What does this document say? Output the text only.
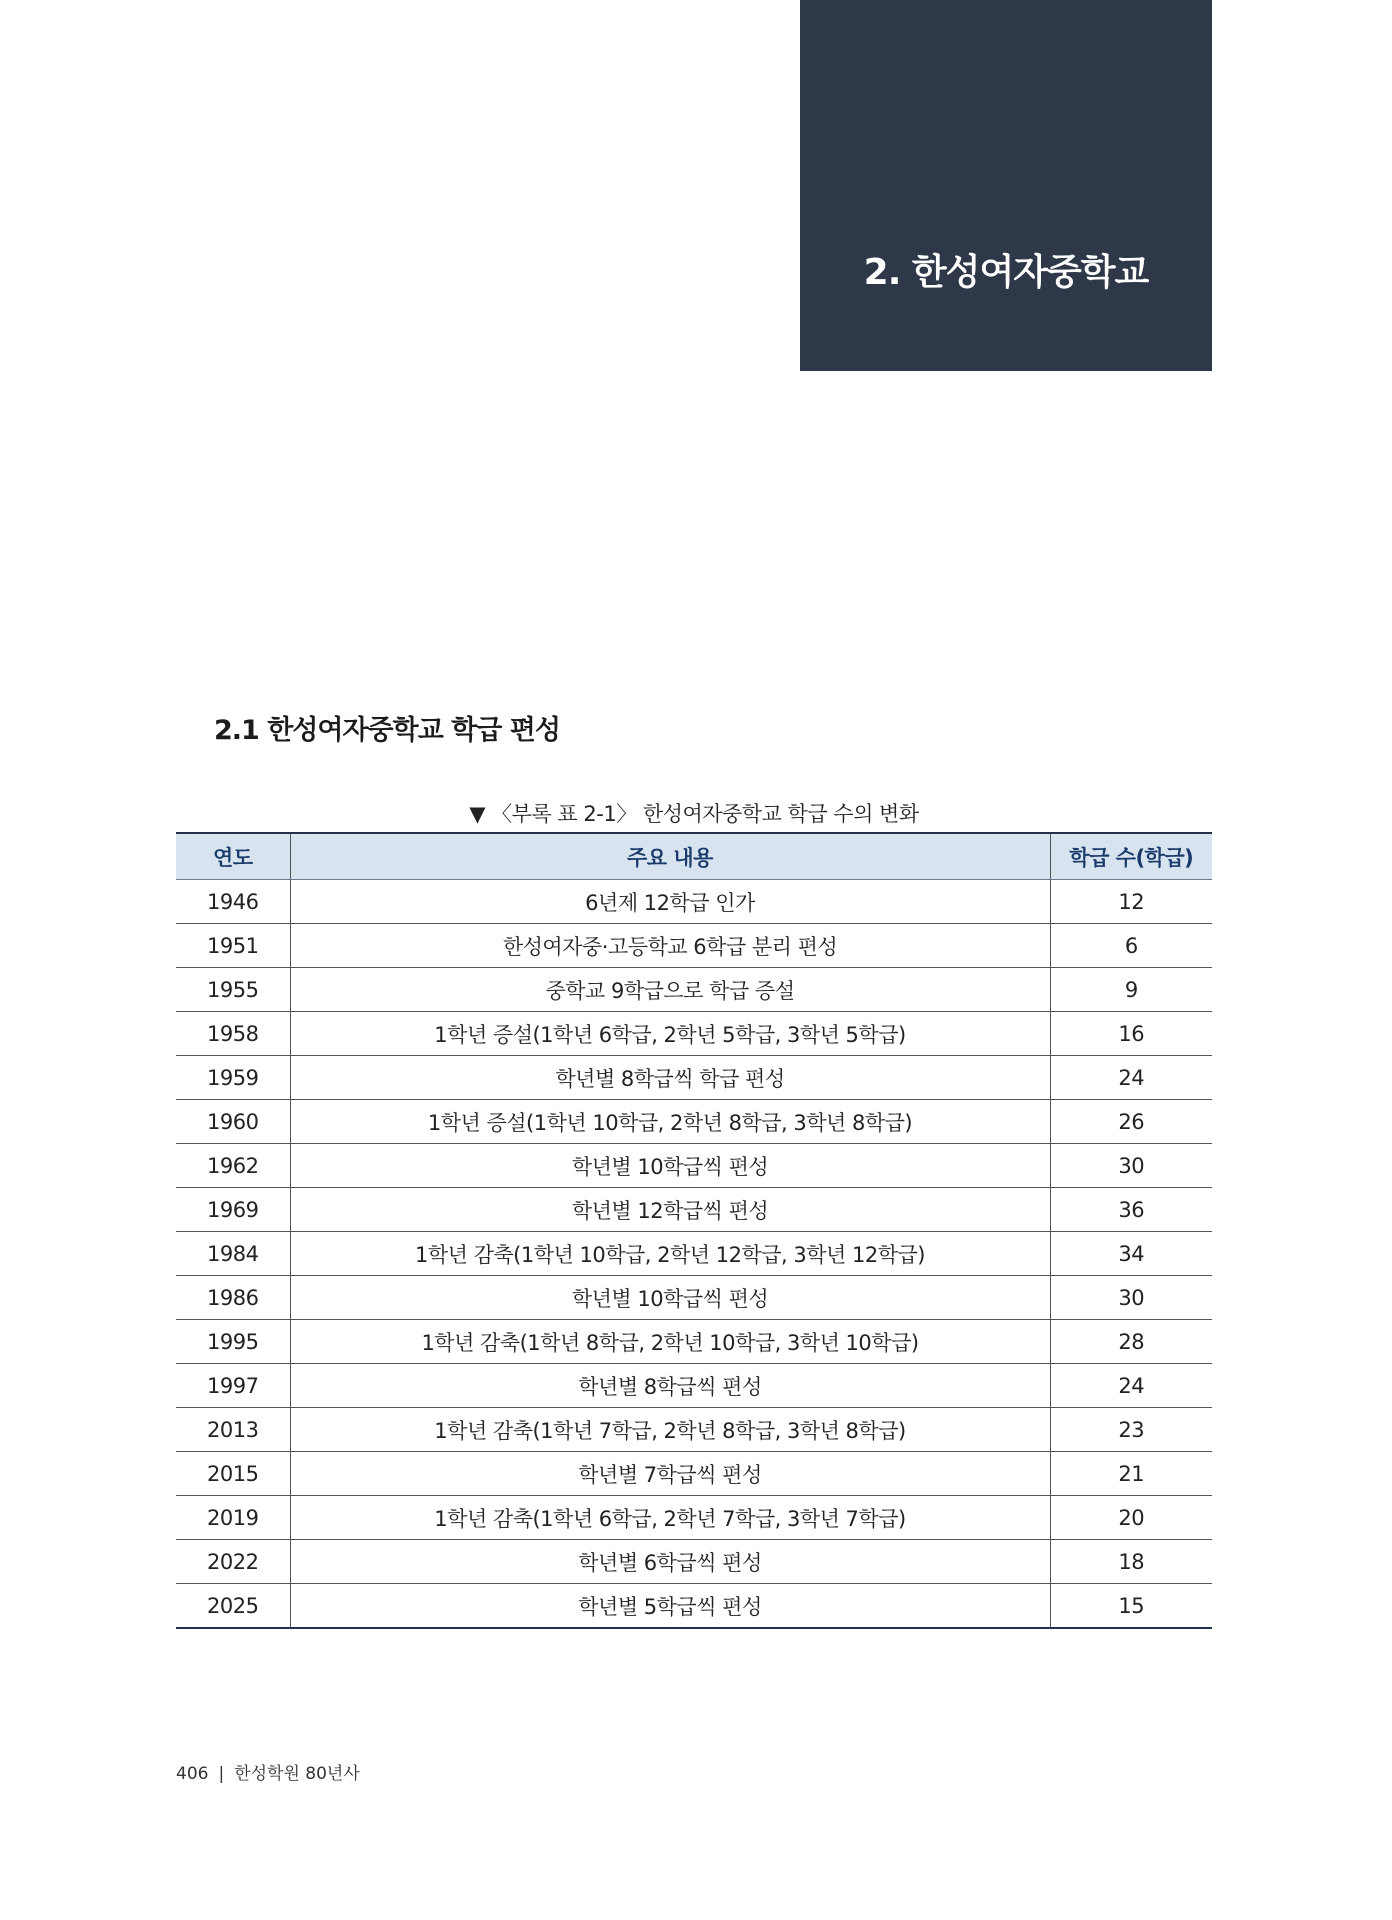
2. 한성여자중학교
2.1 한성여자중학교 학급 편성
▼ 〈부록 표 2-1〉 한성여자중학교 학급 수의 변화
연도	주요 내용	학급 수(학급)
1946	6년제 12학급 인가	12
1951	한성여자중·고등학교 6학급 분리 편성	6
1955	중학교 9학급으로 학급 증설	9
1958	1학년 증설(1학년 6학급, 2학년 5학급, 3학년 5학급)	16
1959	학년별 8학급씩 학급 편성	24
1960	1학년 증설(1학년 10학급, 2학년 8학급, 3학년 8학급)	26
1962	학년별 10학급씩 편성	30
1969	학년별 12학급씩 편성	36
1984	1학년 감축(1학년 10학급, 2학년 12학급, 3학년 12학급)	34
1986	학년별 10학급씩 편성	30
1995	1학년 감축(1학년 8학급, 2학년 10학급, 3학년 10학급)	28
1997	학년별 8학급씩 편성	24
2013	1학년 감축(1학년 7학급, 2학년 8학급, 3학년 8학급)	23
2015	학년별 7학급씩 편성	21
2019	1학년 감축(1학년 6학급, 2학년 7학급, 3학년 7학급)	20
2022	학년별 6학급씩 편성	18
2025	학년별 5학급씩 편성	15
406 | 한성학원 80년사
